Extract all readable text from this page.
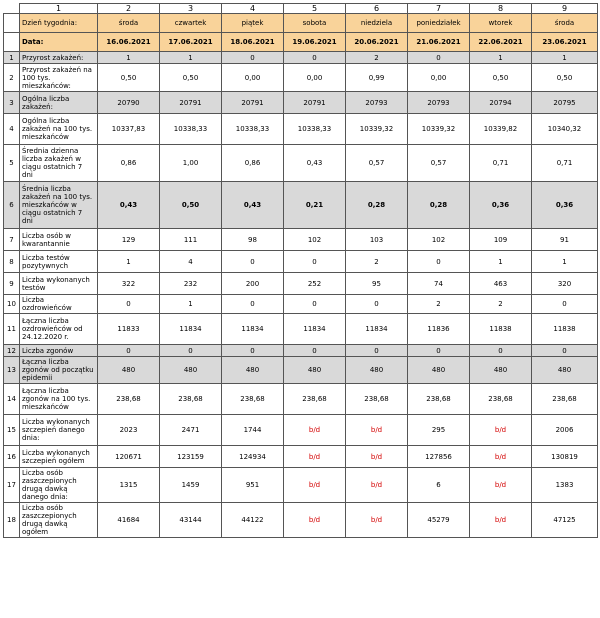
	1	2	3	4	5	6	7	8	9
	Dzień tygodnia:	środa	czwartek	piątek	sobota	niedziela	poniedziałek	wtorek	środa
	Data:	16.06.2021	17.06.2021	18.06.2021	19.06.2021	20.06.2021	21.06.2021	22.06.2021	23.06.2021
1	Przyrost zakażeń:	1	1	0	0	2	0	1	1
2	Przyrost zakażeń na 100 tys. mieszkańców:	0,50	0,50	0,00	0,00	0,99	0,00	0,50	0,50
3	Ogólna liczba zakażeń:	20790	20791	20791	20791	20793	20793	20794	20795
4	Ogólna liczba zakażeń na 100 tys. mieszkańców	10337,83	10338,33	10338,33	10338,33	10339,32	10339,32	10339,82	10340,32
5	Średnia dzienna liczba zakażeń w ciągu ostatnich 7 dni	0,86	1,00	0,86	0,43	0,57	0,57	0,71	0,71
6	Średnia liczba zakażeń na 100 tys. mieszkańców w ciągu ostatnich 7 dni	0,43	0,50	0,43	0,21	0,28	0,28	0,36	0,36
7	Liczba osób w kwarantannie	129	111	98	102	103	102	109	91
8	Liczba testów pozytywnych	1	4	0	0	2	0	1	1
9	Liczba wykonanych testów	322	232	200	252	95	74	463	320
10	Liczba ozdrowieńców	0	1	0	0	0	2	2	0
11	Łączna liczba ozdrowieńców od 24.12.2020 r.	11833	11834	11834	11834	11834	11836	11838	11838
12	Liczba zgonów	0	0	0	0	0	0	0	0
13	Łączna liczba zgonów od początku epidemii	480	480	480	480	480	480	480	480
14	Łączna liczba zgonów na 100 tys. mieszkańców	238,68	238,68	238,68	238,68	238,68	238,68	238,68	238,68
15	Liczba wykonanych szczepień danego dnia:	2023	2471	1744	b/d	b/d	295	b/d	2006
16	Liczba wykonanych szczepień ogółem	120671	123159	124934	b/d	b/d	127856	b/d	130819
17	Liczba osób zaszczepionych drugą dawką danego dnia:	1315	1459	951	b/d	b/d	6	b/d	1383
18	Liczba osób zaszczepionych drugą dawką ogółem	41684	43144	44122	b/d	b/d	45279	b/d	47125
